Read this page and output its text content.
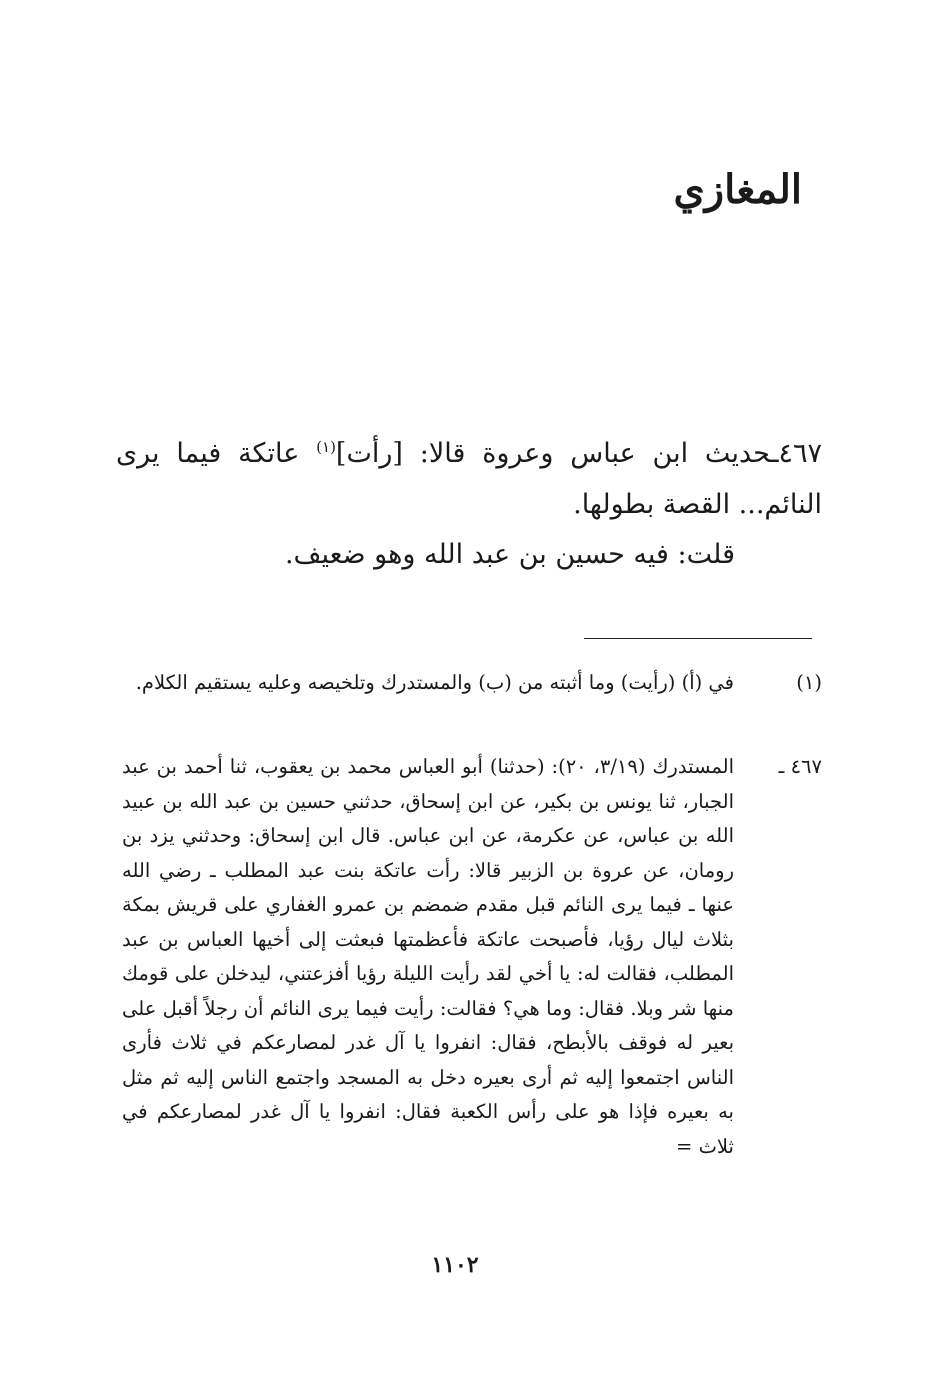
المغازي
٤٦٧ـحديث ابن عباس وعروة قالا: [رأت]$^{(١)}$ عاتكة فيما يرى النائم... القصة بطولها.
قلت: فيه حسين بن عبد الله وهو ضعيف.
(١)
في (أ) (رأيت) وما أثبته من (ب) والمستدرك وتلخيصه وعليه يستقيم الكلام.
٤٦٧ ـ
المستدرك (٣/١٩، ٢٠): (حدثنا) أبو العباس محمد بن يعقوب، ثنا أحمد بن عبد الجبار، ثنا يونس بن بكير، عن ابن إسحاق، حدثني حسين بن عبد الله بن عبيد الله بن عباس، عن عكرمة، عن ابن عباس. قال ابن إسحاق: وحدثني يزد بن رومان، عن عروة بن الزبير قالا: رأت عاتكة بنت عبد المطلب ـ رضي الله عنها ـ فيما يرى النائم قبل مقدم ضمضم بن عمرو الغفاري على قريش بمكة بثلاث ليال رؤيا، فأصبحت عاتكة فأعظمتها فبعثت إلى أخيها العباس بن عبد المطلب، فقالت له: يا أخي لقد رأيت الليلة رؤيا أفزعتني، ليدخلن على قومك منها شر وبلا. فقال: وما هي؟ فقالت: رأيت فيما يرى النائم أن رجلاً أقبل على بعير له فوقف بالأبطح، فقال: انفروا يا آل غدر لمصارعكم في ثلاث فأرى الناس اجتمعوا إليه ثم أرى بعيره دخل به المسجد واجتمع الناس إليه ثم مثل به بعيره فإذا هو على رأس الكعبة فقال: انفروا يا آل غدر لمصارعكم في ثلاث =
١١٠٢
